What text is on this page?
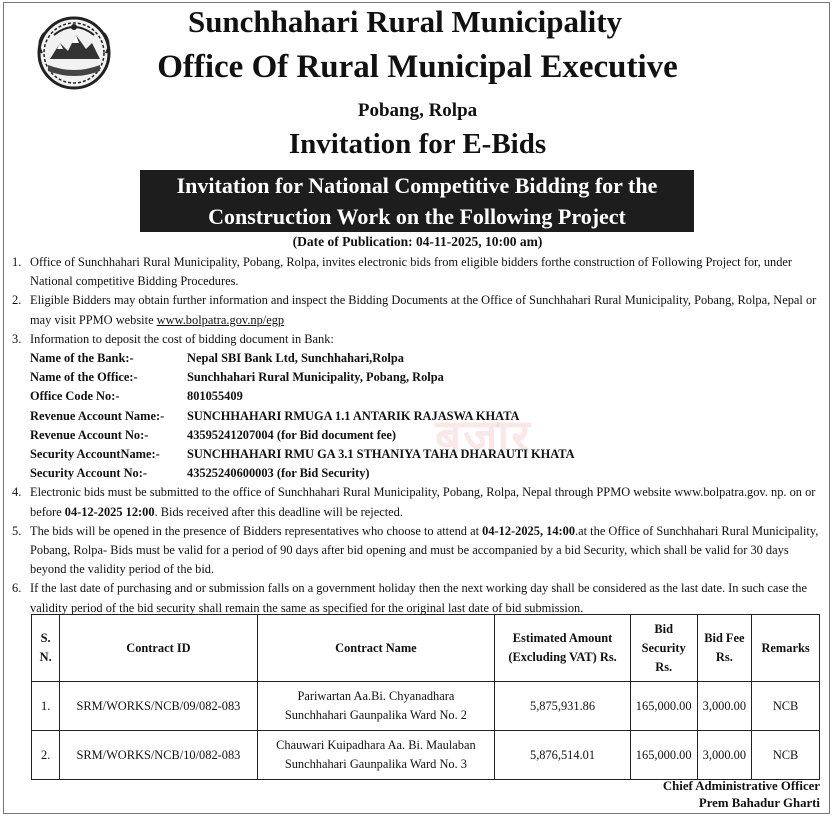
Sunchhahari Rural Municipality
Office Of Rural Municipal Executive
Pobang, Rolpa
Invitation for E-Bids
Invitation for National Competitive Bidding for the
Construction Work on the Following Project
(Date of Publication: 04-11-2025, 10:00 am)
बजार
1. Office of Sunchhahari Rural Municipality, Pobang, Rolpa, invites electronic bids from eligible bidders forthe construction of Following Project for, under National competitive Bidding Procedures.
2. Eligible Bidders may obtain further information and inspect the Bidding Documents at the Office of Sunchhahari Rural Municipality, Pobang, Rolpa, Nepal or may visit PPMO website www.bolpatra.gov.np/egp
3. Information to deposit the cost of bidding document in Bank:
Name of the Bank:-	Nepal SBI Bank Ltd, Sunchhahari,Rolpa
Name of the Office:-	Sunchhahari Rural Municipality, Pobang, Rolpa
Office Code No:-	801055409
Revenue Account Name:-	SUNCHHAHARI RMUGA 1.1 ANTARIK RAJASWA KHATA
Revenue Account No:-	43595241207004 (for Bid document fee)
Security AccountName:-	SUNCHHAHARI RMU GA 3.1 STHANIYA TAHA DHARAUTI KHATA
Security Account No:-	43525240600003 (for Bid Security)
4. Electronic bids must be submitted to the office of Sunchhahari Rural Municipality, Pobang, Rolpa, Nepal through PPMO website www.bolpatra.gov. np. on or before 04-12-2025 12:00. Bids received after this deadline will be rejected.
5. The bids will be opened in the presence of Bidders representatives who choose to attend at 04-12-2025, 14:00.at the Office of Sunchhahari Rural Municipality, Pobang, Rolpa- Bids must be valid for a period of 90 days after bid opening and must be accompanied by a bid Security, which shall be valid for 30 days beyond the validity period of the bid.
6. If the last date of purchasing and or submission falls on a government holiday then the next working day shall be considered as the last date. In such case the validity period of the bid security shall remain the same as specified for the original last date of bid submission.
S. N.	Contract ID	Contract Name	Estimated Amount (Excluding VAT) Rs.	Bid Security Rs.	Bid Fee Rs.	Remarks
1.	SRM/WORKS/NCB/09/082-083	Pariwartan Aa.Bi. Chyanadhara
Sunchhahari Gaunpalika Ward No. 2	5,875,931.86	165,000.00	3,000.00	NCB
2.	SRM/WORKS/NCB/10/082-083	Chauwari Kuipadhara Aa. Bi. Maulaban
Sunchhahari Gaunpalika Ward No. 3	5,876,514.01	165,000.00	3,000.00	NCB
Chief Administrative Officer
Prem Bahadur Gharti
